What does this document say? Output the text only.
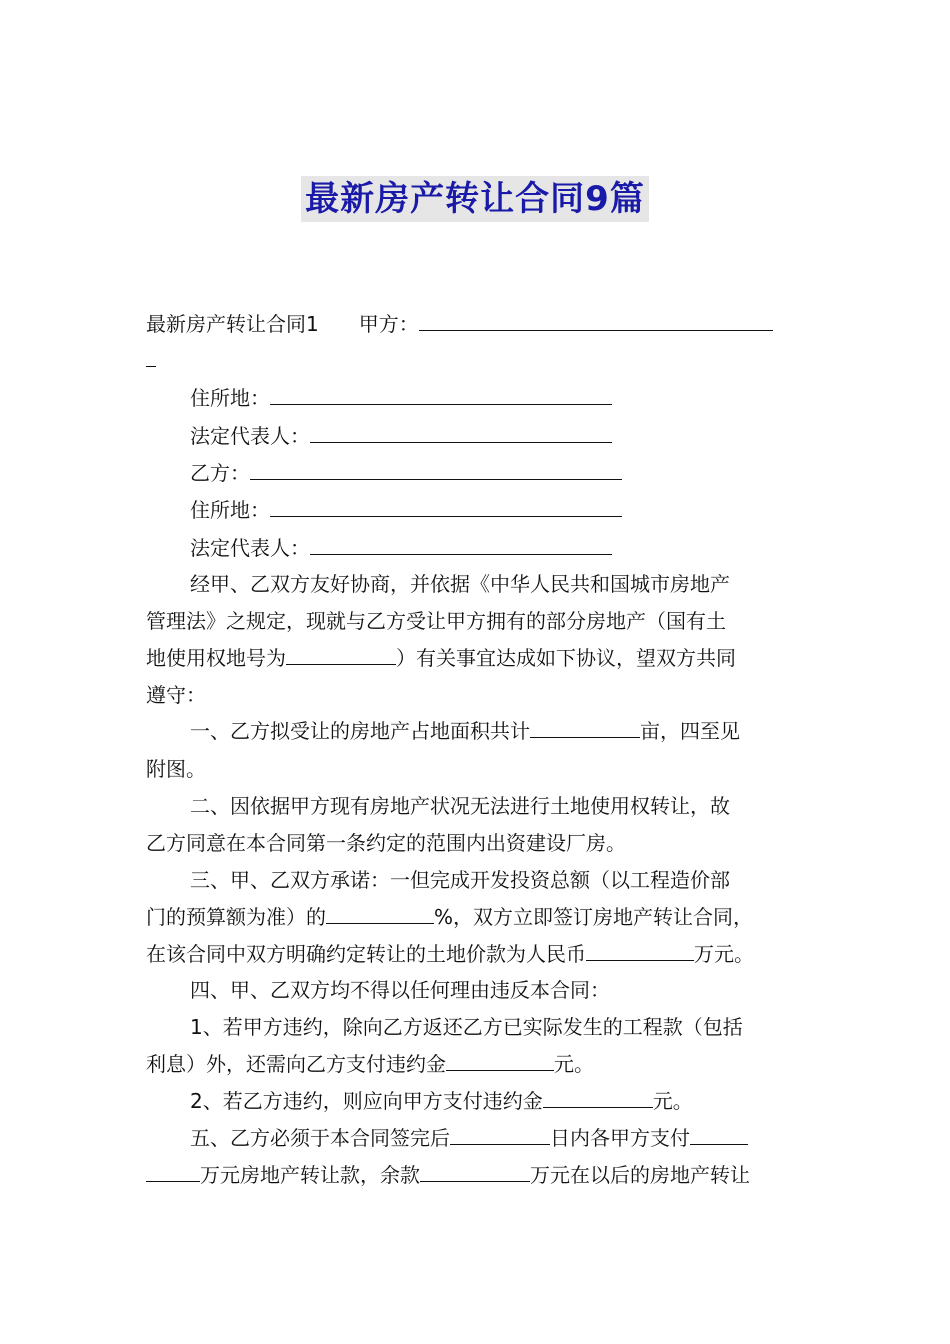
最新房产转让合同9篇
最新房产转让合同1 甲方：
住所地：
法定代表人：
乙方：
住所地：
法定代表人：
经甲、乙双方友好协商，并依据《中华人民共和国城市房地产
管理法》之规定，现就与乙方受让甲方拥有的部分房地产（国有土
地使用权地号为	）有关事宜达成如下协议，望双方共同
遵守：
一、乙方拟受让的房地产占地面积共计	亩，四至见
附图。
二、因依据甲方现有房地产状况无法进行土地使用权转让，故
乙方同意在本合同第一条约定的范围内出资建设厂房。
三、甲、乙双方承诺：一但完成开发投资总额（以工程造价部
门的预算额为准）的	%，双方立即签订房地产转让合同，
在该合同中双方明确约定转让的土地价款为人民币	万元。
四、甲、乙双方均不得以任何理由违反本合同：
1、若甲方违约，除向乙方返还乙方已实际发生的工程款（包括
利息）外，还需向乙方支付违约金	元。
2、若乙方违约，则应向甲方支付违约金	元。
五、乙方必须于本合同签完后	日内各甲方支付
万元房地产转让款，余款	万元在以后的房地产转让
